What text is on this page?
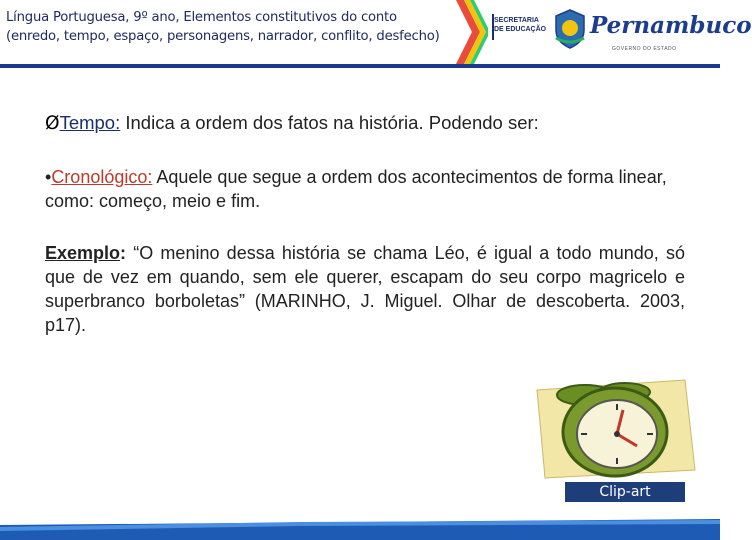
Língua Portuguesa, 9º ano, Elementos constitutivos do conto
(enredo, tempo, espaço, personagens, narrador, conflito, desfecho)
SECRETARIA
DE EDUCAÇÃO Pernambuco
GOVERNO DO ESTADO
ØTempo: Indica a ordem dos fatos na história. Podendo ser:
•Cronológico: Aquele que segue a ordem dos acontecimentos de forma linear, como: começo, meio e fim.
Exemplo: “O menino dessa história se chama Léo, é igual a todo mundo, só que de vez em quando, sem ele querer, escapam do seu corpo magricelo e superbranco borboletas” (MARINHO, J. Miguel. Olhar de descoberta. 2003, p17).
Clip-art
